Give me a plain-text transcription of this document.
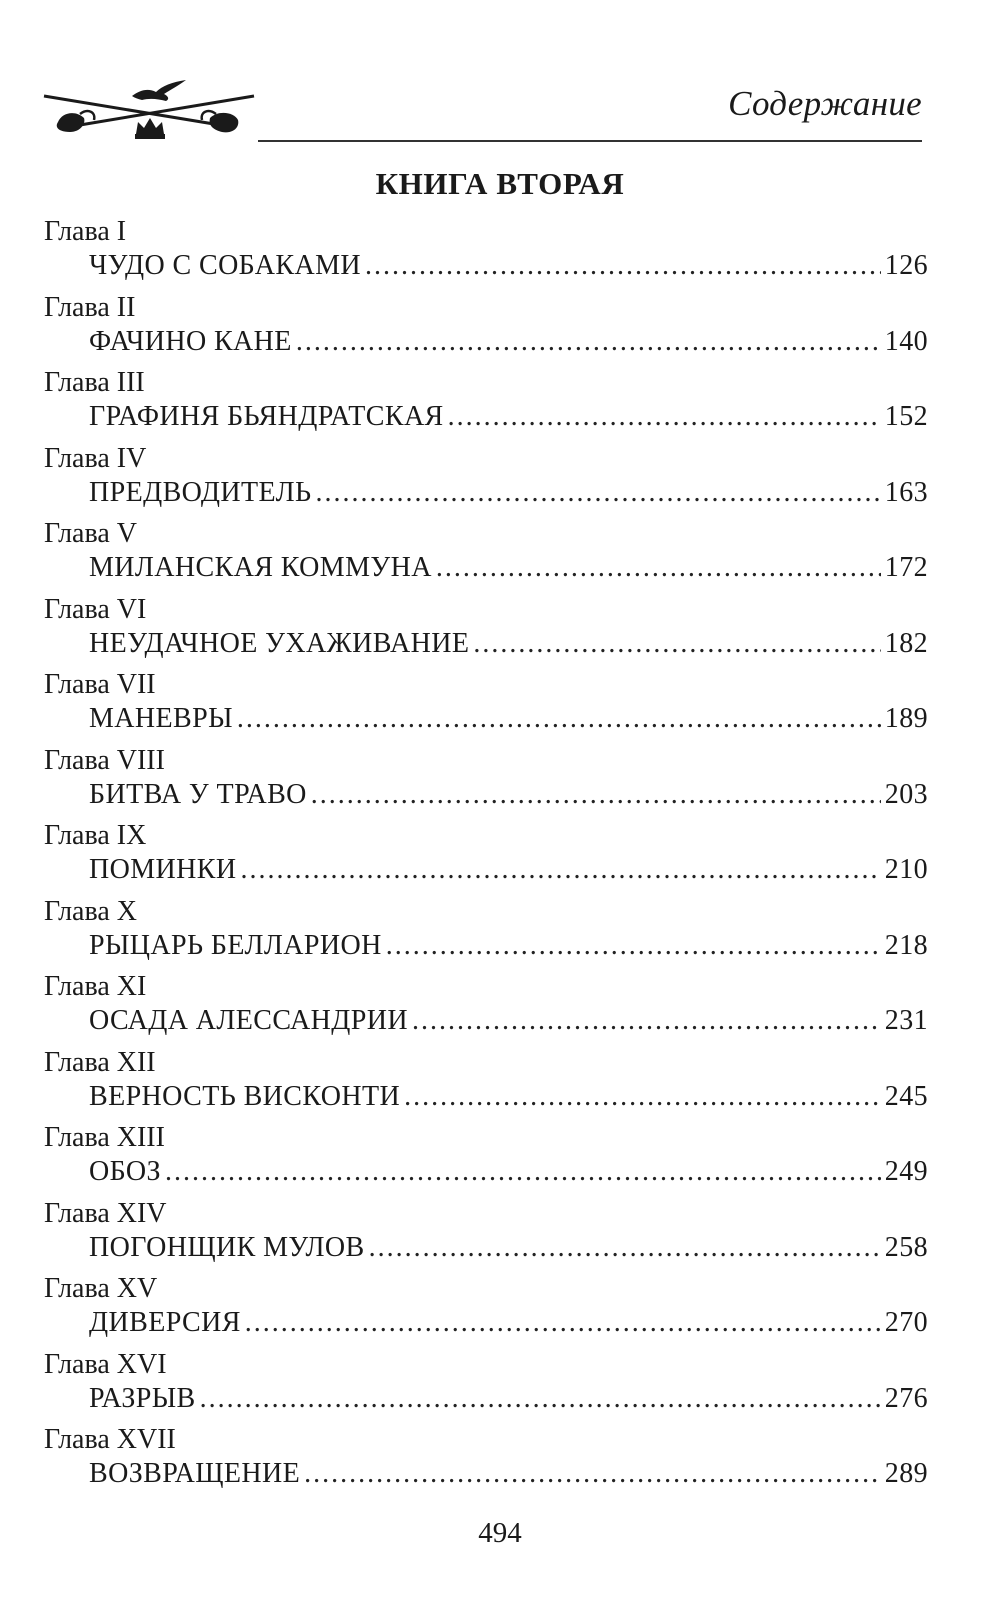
Содержание
КНИГА ВТОРАЯ
Глава I
ЧУДО С СОБАКАМИ .....	126
Глава II
ФАЧИНО КАНЕ .....	140
Глава III
ГРАФИНЯ БЬЯНДРАТСКАЯ .....	152
Глава IV
ПРЕДВОДИТЕЛЬ .....	163
Глава V
МИЛАНСКАЯ КОММУНА .....	172
Глава VI
НЕУДАЧНОЕ УХАЖИВАНИЕ .....	182
Глава VII
МАНЕВРЫ .....	189
Глава VIII
БИТВА У ТРАВО .....	203
Глава IX
ПОМИНКИ .....	210
Глава X
РЫЦАРЬ БЕЛЛАРИОН .....	218
Глава XI
ОСАДА АЛЕССАНДРИИ .....	231
Глава XII
ВЕРНОСТЬ ВИСКОНТИ .....	245
Глава XIII
ОБОЗ .....	249
Глава XIV
ПОГОНЩИК МУЛОВ .....	258
Глава XV
ДИВЕРСИЯ .....	270
Глава XVI
РАЗРЫВ .....	276
Глава XVII
ВОЗВРАЩЕНИЕ .....	289
494
